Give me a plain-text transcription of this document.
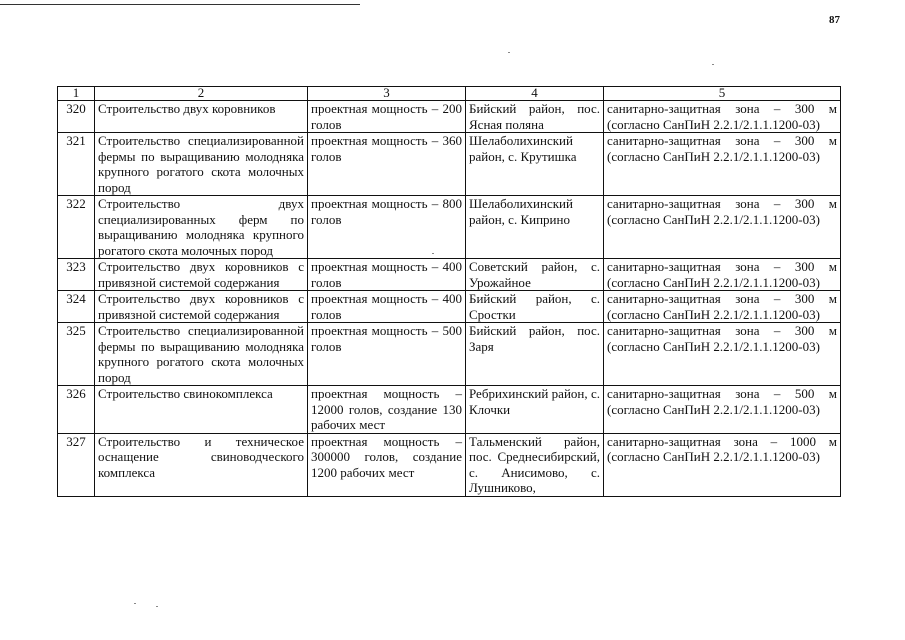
87
1	2	3	4	5
320	Строительство двух коровников	проектная мощность – 200 голов	Бийский район, пос. Ясная поляна	санитарно-защитная зона – 300 м (согласно СанПиН 2.2.1/2.1.1.1200-03)
321	Строительство специализированной фермы по выращиванию молодняка крупного рогатого скота молочных пород	проектная мощность – 360 голов	Шелаболихинский район, с. Крутишка	санитарно-защитная зона – 300 м (согласно СанПиН 2.2.1/2.1.1.1200-03)
322	Строительство двух специализированных ферм по выращиванию молодняка крупного рогатого скота молочных пород	проектная мощность – 800 голов	Шелаболихинский район, с. Киприно	санитарно-защитная зона – 300 м (согласно СанПиН 2.2.1/2.1.1.1200-03)
323	Строительство двух коровников с привязной системой содержания	проектная мощность – 400 голов	Советский район, с. Урожайное	санитарно-защитная зона – 300 м (согласно СанПиН 2.2.1/2.1.1.1200-03)
324	Строительство двух коровников с привязной системой содержания	проектная мощность – 400 голов	Бийский район, с. Сростки	санитарно-защитная зона – 300 м (согласно СанПиН 2.2.1/2.1.1.1200-03)
325	Строительство специализированной фермы по выращиванию молодняка крупного рогатого скота молочных пород	проектная мощность – 500 голов	Бийский район, пос. Заря	санитарно-защитная зона – 300 м (согласно СанПиН 2.2.1/2.1.1.1200-03)
326	Строительство свинокомплекса	проектная мощность – 12000 голов, создание 130 рабочих мест	Ребрихинский район, с. Клочки	санитарно-защитная зона – 500 м (согласно СанПиН 2.2.1/2.1.1.1200-03)
327	Строительство и техническое оснащение свиноводческого комплекса	проектная мощность – 300000 голов, создание 1200 рабочих мест	Тальменский район, пос. Среднесибирский, с. Анисимово, с. Лушниково,	санитарно-защитная зона – 1000 м (согласно СанПиН 2.2.1/2.1.1.1200-03)
